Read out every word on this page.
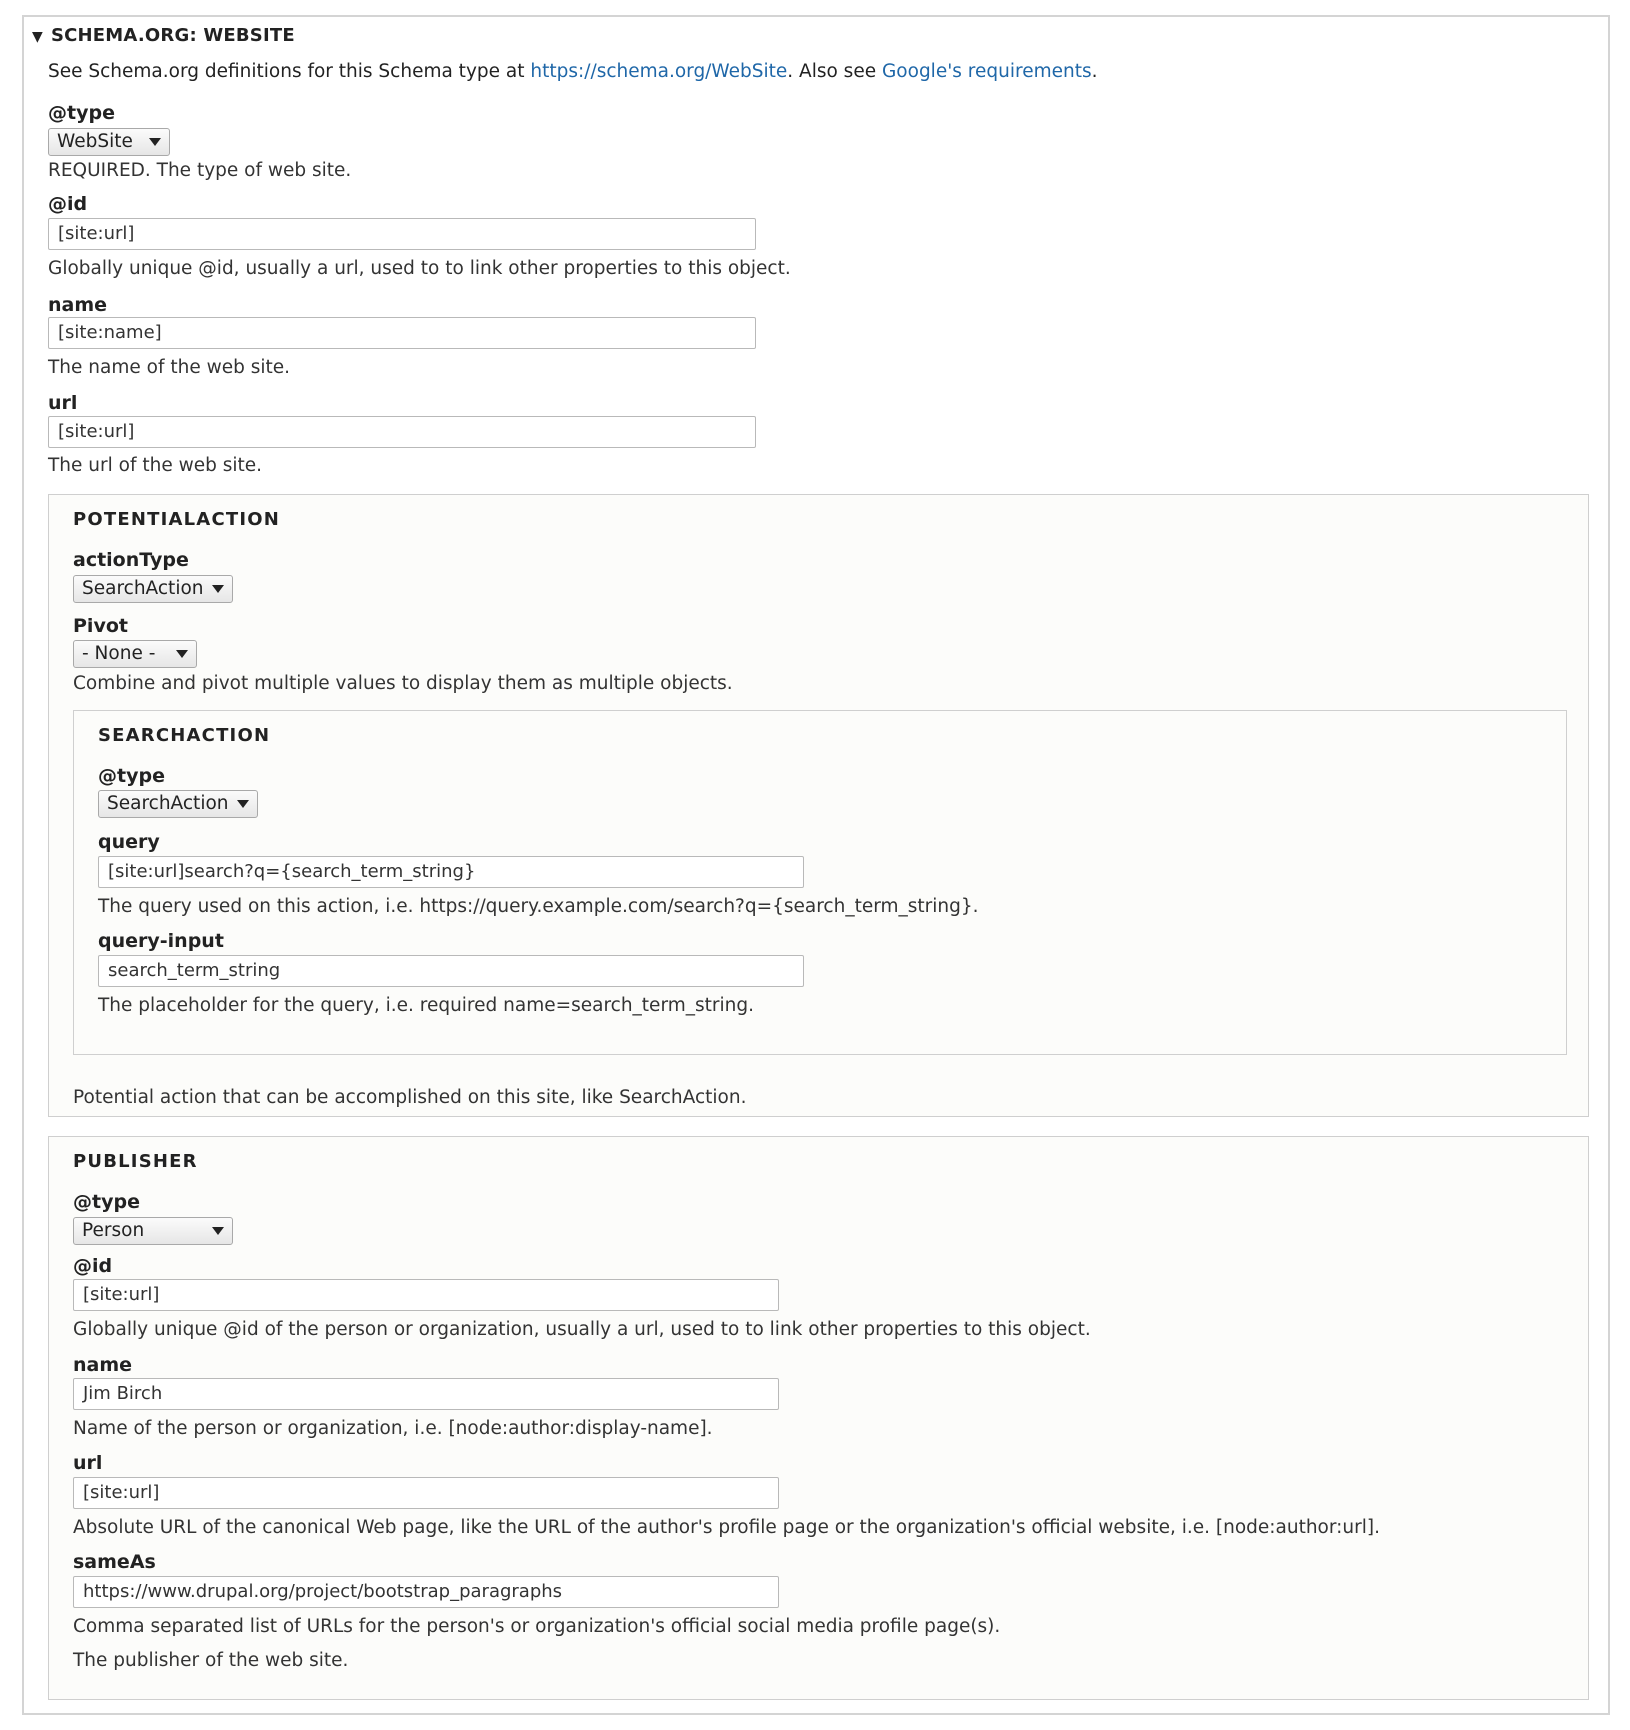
▼ SCHEMA.ORG: WEBSITE
See Schema.org definitions for this Schema type at https://schema.org/WebSite. Also see Google's requirements.
@type
WebSite
REQUIRED. The type of web site.
@id
[site:url]
Globally unique @id, usually a url, used to to link other properties to this object.
name
[site:name]
The name of the web site.
url
[site:url]
The url of the web site.
POTENTIALACTION
actionType
SearchAction
Pivot
- None -
Combine and pivot multiple values to display them as multiple objects.
SEARCHACTION
@type
SearchAction
query
[site:url]search?q={search_term_string}
The query used on this action, i.e. https://query.example.com/search?q={search_term_string}.
query-input
search_term_string
The placeholder for the query, i.e. required name=search_term_string.
Potential action that can be accomplished on this site, like SearchAction.
PUBLISHER
@type
Person
@id
[site:url]
Globally unique @id of the person or organization, usually a url, used to to link other properties to this object.
name
Jim Birch
Name of the person or organization, i.e. [node:author:display-name].
url
[site:url]
Absolute URL of the canonical Web page, like the URL of the author's profile page or the organization's official website, i.e. [node:author:url].
sameAs
https://www.drupal.org/project/bootstrap_paragraphs
Comma separated list of URLs for the person's or organization's official social media profile page(s).
The publisher of the web site.
